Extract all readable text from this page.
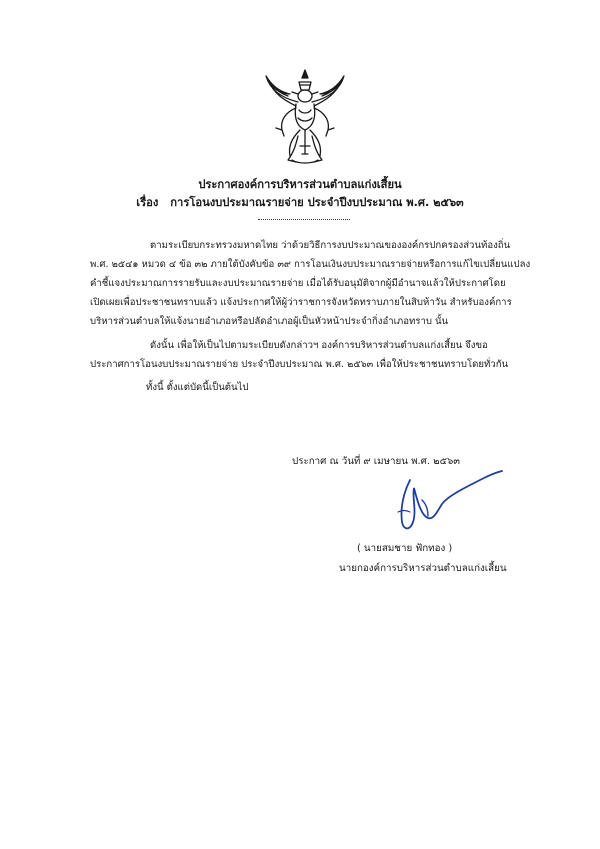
ประกาศองค์การบริหารส่วนตำบลแก่งเสี้ยน
เรื่อง การโอนงบประมาณรายจ่าย ประจำปีงบประมาณ พ.ศ. ๒๕๖๓
ตามระเบียบกระทรวงมหาดไทย ว่าด้วยวิธีการงบประมาณขององค์กรปกครองส่วนท้องถิ่น
พ.ศ. ๒๕๔๑ หมวด ๔ ข้อ ๓๒ ภายใต้บังคับข้อ ๓๙ การโอนเงินงบประมาณรายจ่ายหรือการแก้ไขเปลี่ยนแปลง
คำชี้แจงประมาณการรายรับและงบประมาณรายจ่าย เมื่อได้รับอนุมัติจากผู้มีอำนาจแล้วให้ประกาศโดย
เปิดเผยเพื่อประชาชนทราบแล้ว แจ้งประกาศให้ผู้ว่าราชการจังหวัดทราบภายในสิบห้าวัน สำหรับองค์การ
บริหารส่วนตำบลให้แจ้งนายอำเภอหรือปลัดอำเภอผู้เป็นหัวหน้าประจำกิ่งอำเภอทราบ นั้น
ดังนั้น เพื่อให้เป็นไปตามระเบียบดังกล่าวฯ องค์การบริหารส่วนตำบลแก่งเสี้ยน จึงขอ
ประกาศการโอนงบประมาณรายจ่าย ประจำปีงบประมาณ พ.ศ. ๒๕๖๓ เพื่อให้ประชาชนทราบโดยทั่วกัน
ทั้งนี้ ตั้งแต่บัดนี้เป็นต้นไป
ประกาศ ณ วันที่ ๙ เมษายน พ.ศ. ๒๕๖๓
( นายสมชาย ฟักทอง )
นายกองค์การบริหารส่วนตำบลแก่งเสี้ยน
